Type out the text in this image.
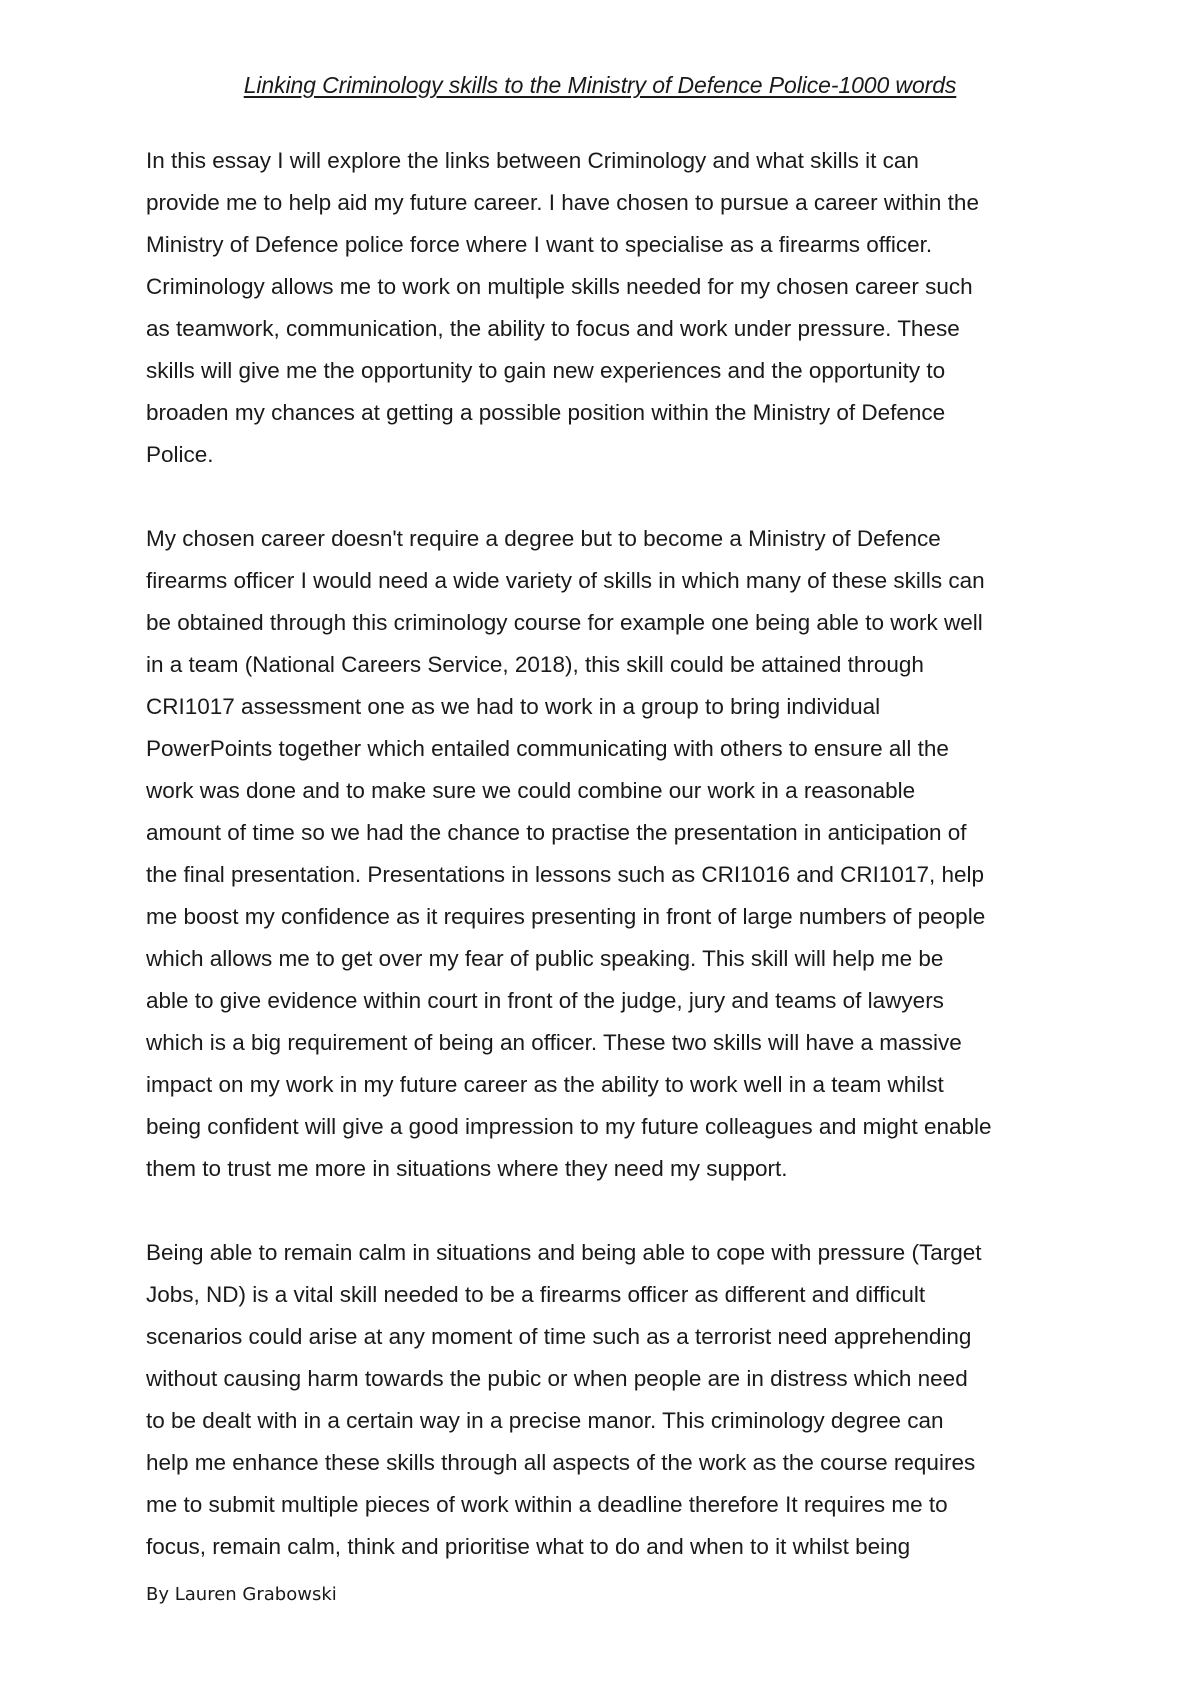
Linking Criminology skills to the Ministry of Defence Police-1000 words
In this essay I will explore the links between Criminology and what skills it can
provide me to help aid my future career. I have chosen to pursue a career within the
Ministry of Defence police force where I want to specialise as a firearms officer.
Criminology allows me to work on multiple skills needed for my chosen career such
as teamwork, communication, the ability to focus and work under pressure. These
skills will give me the opportunity to gain new experiences and the opportunity to
broaden my chances at getting a possible position within the Ministry of Defence
Police.
My chosen career doesn't require a degree but to become a Ministry of Defence
firearms officer I would need a wide variety of skills in which many of these skills can
be obtained through this criminology course for example one being able to work well
in a team (National Careers Service, 2018), this skill could be attained through
CRI1017 assessment one as we had to work in a group to bring individual
PowerPoints together which entailed communicating with others to ensure all the
work was done and to make sure we could combine our work in a reasonable
amount of time so we had the chance to practise the presentation in anticipation of
the final presentation. Presentations in lessons such as CRI1016 and CRI1017, help
me boost my confidence as it requires presenting in front of large numbers of people
which allows me to get over my fear of public speaking. This skill will help me be
able to give evidence within court in front of the judge, jury and teams of lawyers
which is a big requirement of being an officer. These two skills will have a massive
impact on my work in my future career as the ability to work well in a team whilst
being confident will give a good impression to my future colleagues and might enable
them to trust me more in situations where they need my support.
Being able to remain calm in situations and being able to cope with pressure (Target
Jobs, ND) is a vital skill needed to be a firearms officer as different and difficult
scenarios could arise at any moment of time such as a terrorist need apprehending
without causing harm towards the pubic or when people are in distress which need
to be dealt with in a certain way in a precise manor. This criminology degree can
help me enhance these skills through all aspects of the work as the course requires
me to submit multiple pieces of work within a deadline therefore It requires me to
focus, remain calm, think and prioritise what to do and when to it whilst being
By Lauren Grabowski
